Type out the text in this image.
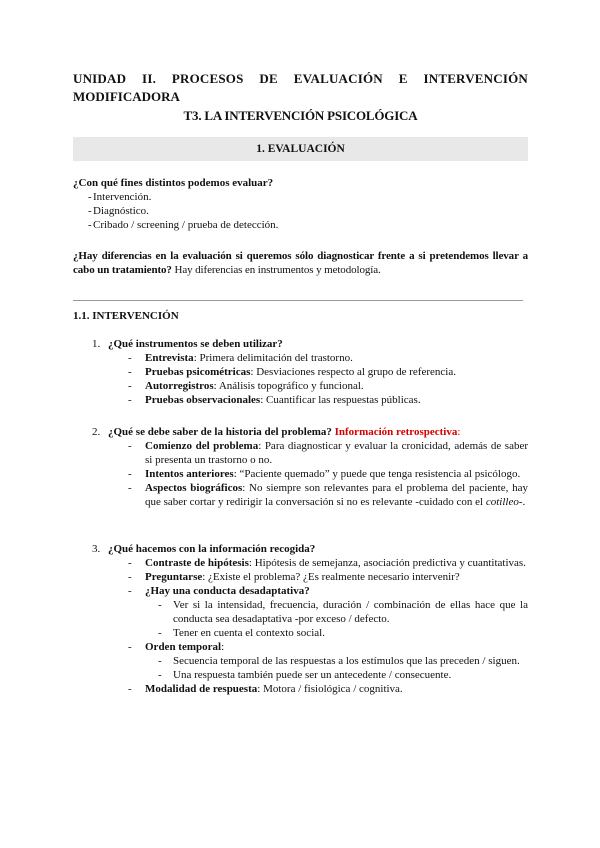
UNIDAD II. PROCESOS DE EVALUACIÓN E INTERVENCIÓN
MODIFICADORA
T3. LA INTERVENCIÓN PSICOLÓGICA
1. EVALUACIÓN
¿Con qué fines distintos podemos evaluar?
- Intervención.
- Diagnóstico.
- Cribado / screening / prueba de detección.
¿Hay diferencias en la evaluación si queremos sólo diagnosticar frente a si pretendemos llevar a cabo un tratamiento? Hay diferencias en instrumentos y metodología.
1.1. INTERVENCIÓN
1. ¿Qué instrumentos se deben utilizar?
- Entrevista: Primera delimitación del trastorno.
- Pruebas psicométricas: Desviaciones respecto al grupo de referencia.
- Autorregistros: Análisis topográfico y funcional.
- Pruebas observacionales: Cuantificar las respuestas públicas.
2. ¿Qué se debe saber de la historia del problema? Información retrospectiva:
- Comienzo del problema: Para diagnosticar y evaluar la cronicidad, además de saber si presenta un trastorno o no.
- Intentos anteriores: “Paciente quemado” y puede que tenga resistencia al psicólogo.
- Aspectos biográficos: No siempre son relevantes para el problema del paciente, hay que saber cortar y redirigir la conversación si no es relevante -cuidado con el cotilleo-.
3. ¿Qué hacemos con la información recogida?
- Contraste de hipótesis: Hipótesis de semejanza, asociación predictiva y cuantitativas.
- Preguntarse: ¿Existe el problema? ¿Es realmente necesario intervenir?
- ¿Hay una conducta desadaptativa?
- Ver si la intensidad, frecuencia, duración / combinación de ellas hace que la conducta sea desadaptativa -por exceso / defecto.
- Tener en cuenta el contexto social.
- Orden temporal:
- Secuencia temporal de las respuestas a los estímulos que las preceden / siguen.
- Una respuesta también puede ser un antecedente / consecuente.
- Modalidad de respuesta: Motora / fisiológica / cognitiva.
